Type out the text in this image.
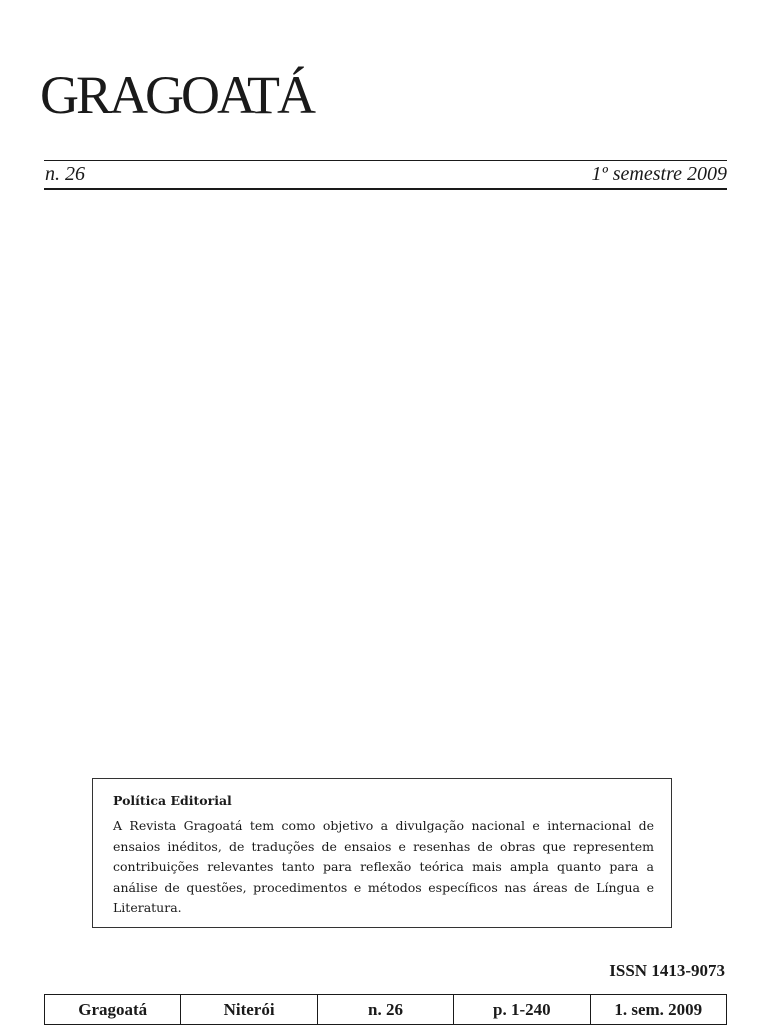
GRAGOATÁ
n. 26	1º semestre 2009

Política Editorial

A Revista Gragoatá tem como objetivo a divulgação nacional e internacional de ensaios inéditos, de traduções de ensaios e resenhas de obras que representem contribuições relevantes tanto para reflexão teórica mais ampla quanto para a análise de questões, procedimentos e métodos específicos nas áreas de Língua e Literatura.

ISSN 1413-9073
Gragoatá	Niterói	n. 26	p. 1-240	1. sem. 2009
